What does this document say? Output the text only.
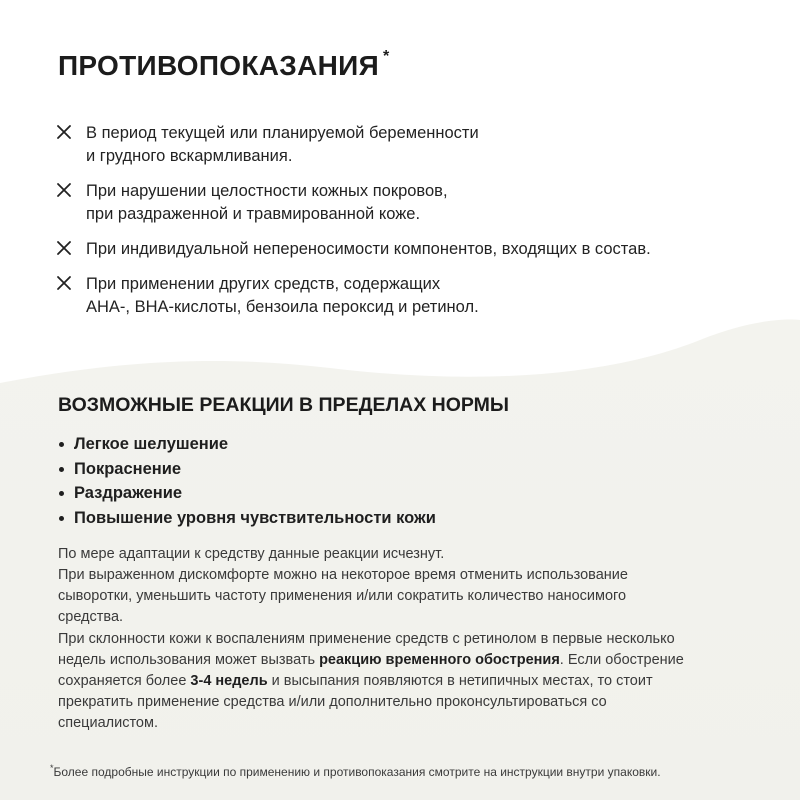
ПРОТИВОПОКАЗАНИЯ *
В период текущей или планируемой беременности
и грудного вскармливания.
При нарушении целостности кожных покровов,
при раздраженной и травмированной коже.
При индивидуальной непереносимости компонентов, входящих в состав.
При применении других средств, содержащих
АНА-, ВНА-кислоты, бензоила пероксид и ретинол.
ВОЗМОЖНЫЕ РЕАКЦИИ В ПРЕДЕЛАХ НОРМЫ
Легкое шелушение
Покраснение
Раздражение
Повышение уровня чувствительности кожи

По мере адаптации к средству данные реакции исчезнут.
При выраженном дискомфорте можно на некоторое время отменить использование
сыворотки, уменьшить частоту применения и/или сократить количество наносимого
средства.

При склонности кожи к воспалениям применение средств с ретинолом в первые несколько
недель использования может вызвать реакцию временного обострения. Если обострение
сохраняется более 3-4 недель и высыпания появляются в нетипичных местах, то стоит
прекратить применение средства и/или дополнительно проконсультироваться со
специалистом.

*Более подробные инструкции по применению и противопоказания смотрите на инструкции внутри упаковки.
